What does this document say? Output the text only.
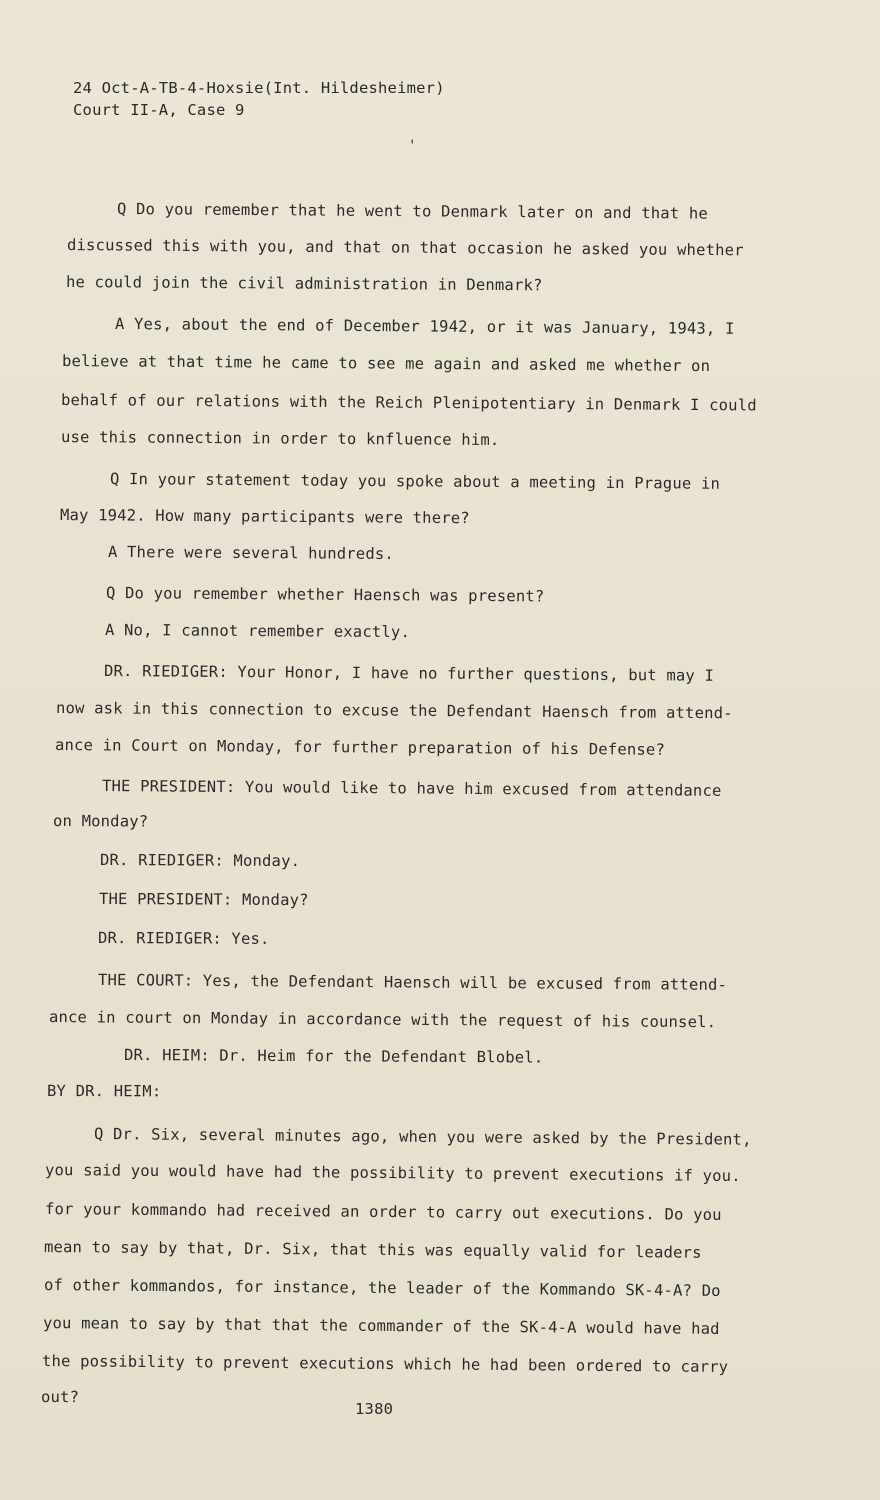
24 Oct-A-TB-4-Hoxsie(Int. Hildesheimer)
Court II-A, Case 9
'
Q Do you remember that he went to Denmark later on and that he
discussed this with you, and that on that occasion he asked you whether
he could join the civil administration in Denmark?
A Yes, about the end of December 1942, or it was January, 1943, I
believe at that time he came to see me again and asked me whether on
behalf of our relations with the Reich Plenipotentiary in Denmark I could
use this connection in order to knfluence him.
Q In your statement today you spoke about a meeting in Prague in
May 1942. How many participants were there?
A There were several hundreds.
Q Do you remember whether Haensch was present?
A No, I cannot remember exactly.
DR. RIEDIGER: Your Honor, I have no further questions, but may I
now ask in this connection to excuse the Defendant Haensch from attend-
ance in Court on Monday, for further preparation of his Defense?
THE PRESIDENT: You would like to have him excused from attendance
on Monday?
DR. RIEDIGER: Monday.
THE PRESIDENT: Monday?
DR. RIEDIGER: Yes.
THE COURT: Yes, the Defendant Haensch will be excused from attend-
ance in court on Monday in accordance with the request of his counsel.
DR. HEIM: Dr. Heim for the Defendant Blobel.
BY DR. HEIM:
Q Dr. Six, several minutes ago, when you were asked by the President,
you said you would have had the possibility to prevent executions if you.
for your kommando had received an order to carry out executions. Do you
mean to say by that, Dr. Six, that this was equally valid for leaders
of other kommandos, for instance, the leader of the Kommando SK-4-A? Do
you mean to say by that that the commander of the SK-4-A would have had
the possibility to prevent executions which he had been ordered to carry
out?
1380
